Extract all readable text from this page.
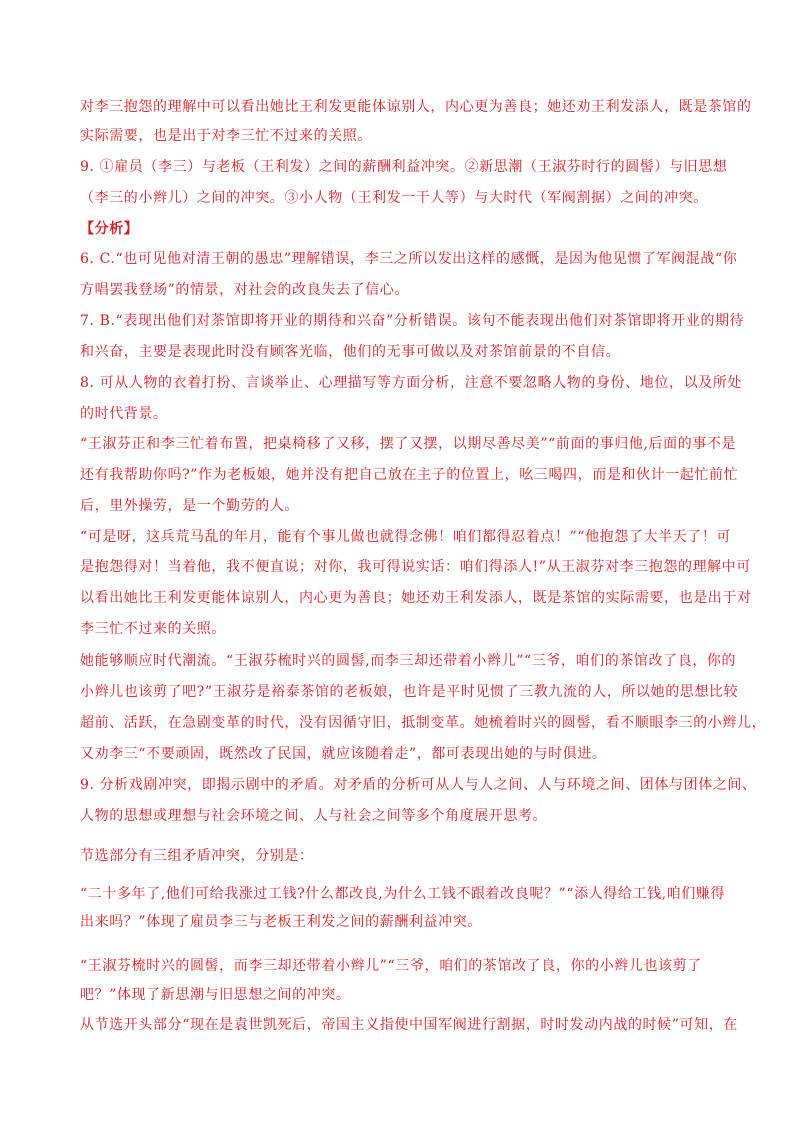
对李三抱怨的理解中可以看出她比王利发更能体谅别人，内心更为善良；她还劝王利发添人，既是茶馆的
实际需要，也是出于对李三忙不过来的关照。
9. ①雇员（李三）与老板（王利发）之间的薪酬利益冲突。②新思潮（王淑芬时行的圆髻）与旧思想
（李三的小辫儿）之间的冲突。③小人物（王利发一干人等）与大时代（军阀割据）之间的冲突。
【分析】
6. C.“也可见他对清王朝的愚忠”理解错误，李三之所以发出这样的感慨，是因为他见惯了军阀混战“你
方唱罢我登场”的情景，对社会的改良失去了信心。
7. B.“表现出他们对茶馆即将开业的期待和兴奋”分析错误。该句不能表现出他们对茶馆即将开业的期待
和兴奋，主要是表现此时没有顾客光临，他们的无事可做以及对茶馆前景的不自信。
8. 可从人物的衣着打扮、言谈举止、心理描写等方面分析，注意不要忽略人物的身份、地位，以及所处
的时代背景。
“王淑芬正和李三忙着布置，把桌椅移了又移，摆了又摆，以期尽善尽美”“前面的事归他,后面的事不是
还有我帮助你吗?”作为老板娘，她并没有把自己放在主子的位置上，吆三喝四，而是和伙计一起忙前忙
后，里外操劳，是一个勤劳的人。
“可是呀，这兵荒马乱的年月，能有个事儿做也就得念佛！咱们都得忍着点！”“他抱怨了大半天了！可
是抱怨得对！当着他，我不便直说；对你，我可得说实话：咱们得添人!”从王淑芬对李三抱怨的理解中可
以看出她比王利发更能体谅别人，内心更为善良；她还劝王利发添人，既是茶馆的实际需要，也是出于对
李三忙不过来的关照。
她能够顺应时代潮流。“王淑芬梳时兴的圆髻,而李三却还带着小辫儿”“三爷，咱们的茶馆改了良，你的
小辫儿也该剪了吧?”王淑芬是裕泰茶馆的老板娘，也许是平时见惯了三教九流的人，所以她的思想比较
超前、活跃，在急剧变革的时代，没有因循守旧，抵制变革。她梳着时兴的圆髻，看不顺眼李三的小辫儿，
又劝李三“不要顽固，既然改了民国，就应该随着走”，都可表现出她的与时俱进。
9. 分析戏剧冲突，即揭示剧中的矛盾。对矛盾的分析可从人与人之间、人与环境之间、团体与团体之间、
人物的思想或理想与社会环境之间、人与社会之间等多个角度展开思考。
节选部分有三组矛盾冲突，分别是：
“二十多年了,他们可给我涨过工钱?什么都改良,为什么工钱不跟着改良呢？”“添人得给工钱,咱们赚得
出来吗？”体现了雇员李三与老板王利发之间的薪酬利益冲突。
“王淑芬梳时兴的圆髻，而李三却还带着小辫儿”“三爷，咱们的茶馆改了良，你的小辫儿也该剪了
吧？”体现了新思潮与旧思想之间的冲突。
从节选开头部分“现在是袁世凯死后，帝国主义指使中国军阀进行割据，时时发动内战的时候”可知，在
